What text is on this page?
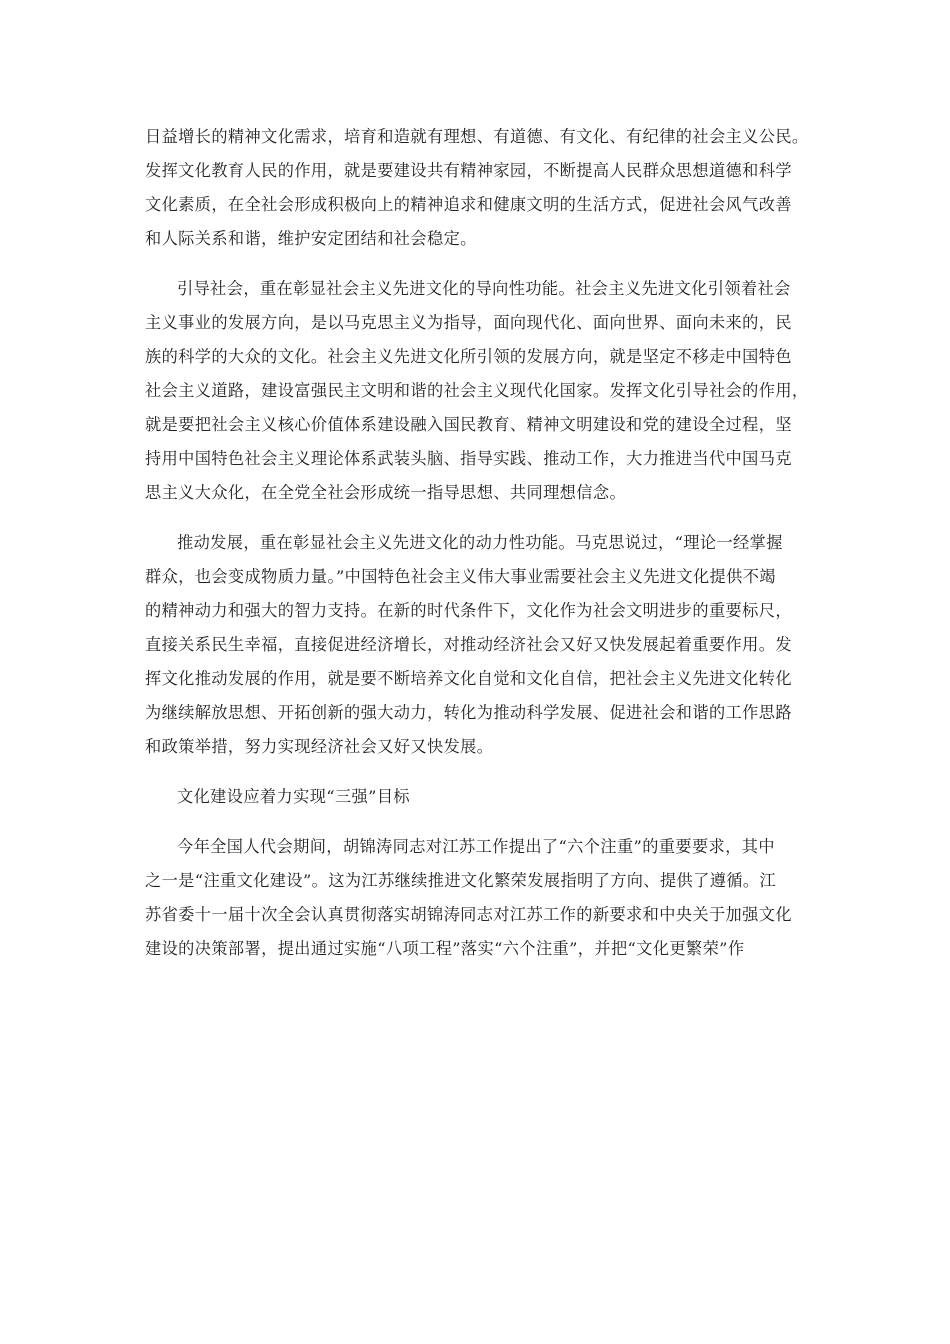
日益增长的精神文化需求，培育和造就有理想、有道德、有文化、有纪律的社会主义公民。
发挥文化教育人民的作用，就是要建设共有精神家园，不断提高人民群众思想道德和科学
文化素质，在全社会形成积极向上的精神追求和健康文明的生活方式，促进社会风气改善
和人际关系和谐，维护安定团结和社会稳定。
引导社会，重在彰显社会主义先进文化的导向性功能。社会主义先进文化引领着社会
主义事业的发展方向，是以马克思主义为指导，面向现代化、面向世界、面向未来的，民
族的科学的大众的文化。社会主义先进文化所引领的发展方向，就是坚定不移走中国特色
社会主义道路，建设富强民主文明和谐的社会主义现代化国家。发挥文化引导社会的作用，
就是要把社会主义核心价值体系建设融入国民教育、精神文明建设和党的建设全过程，坚
持用中国特色社会主义理论体系武装头脑、指导实践、推动工作，大力推进当代中国马克
思主义大众化，在全党全社会形成统一指导思想、共同理想信念。
推动发展，重在彰显社会主义先进文化的动力性功能。马克思说过，“理论一经掌握
群众，也会变成物质力量。”中国特色社会主义伟大事业需要社会主义先进文化提供不竭
的精神动力和强大的智力支持。在新的时代条件下，文化作为社会文明进步的重要标尺，
直接关系民生幸福，直接促进经济增长，对推动经济社会又好又快发展起着重要作用。发
挥文化推动发展的作用，就是要不断培养文化自觉和文化自信，把社会主义先进文化转化
为继续解放思想、开拓创新的强大动力，转化为推动科学发展、促进社会和谐的工作思路
和政策举措，努力实现经济社会又好又快发展。
文化建设应着力实现“三强”目标
今年全国人代会期间，胡锦涛同志对江苏工作提出了“六个注重”的重要要求，其中
之一是“注重文化建设”。这为江苏继续推进文化繁荣发展指明了方向、提供了遵循。江
苏省委十一届十次全会认真贯彻落实胡锦涛同志对江苏工作的新要求和中央关于加强文化
建设的决策部署，提出通过实施“八项工程”落实“六个注重”，并把“文化更繁荣”作
